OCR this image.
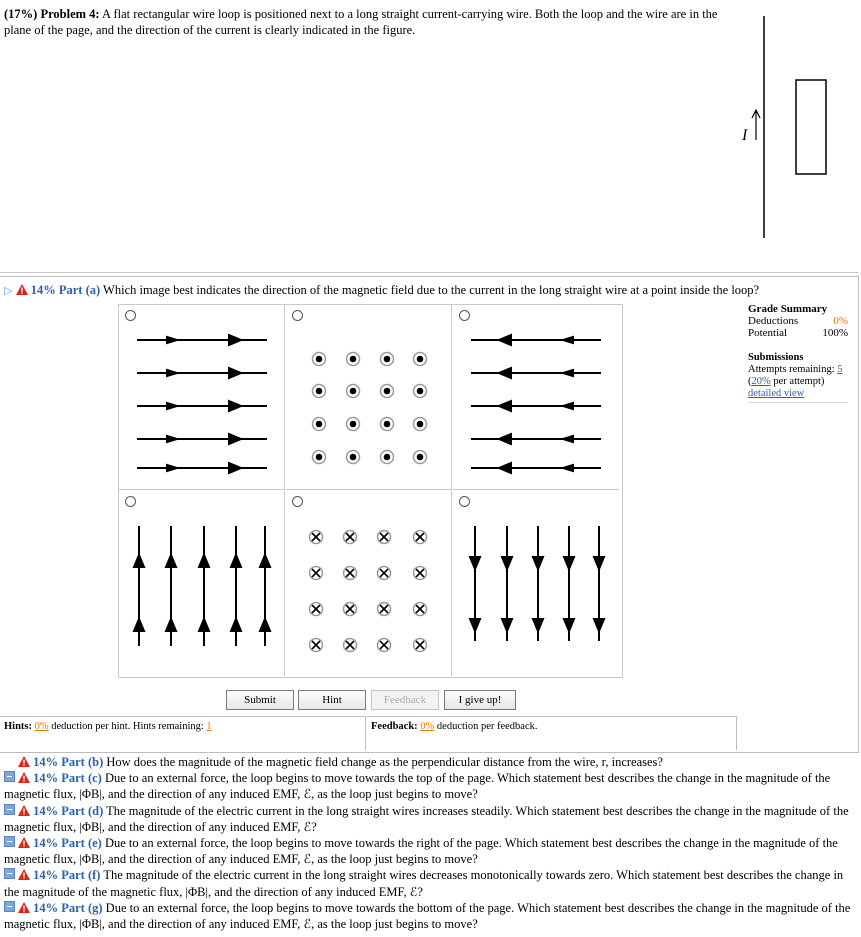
(17%) Problem 4: A flat rectangular wire loop is positioned next to a long straight current-carrying wire. Both the loop and the wire are in the plane of the page, and the direction of the current is clearly indicated in the figure.
I
▷ 14% Part (a) Which image best indicates the direction of the magnetic field due to the current in the long straight wire at a point inside the loop?
Grade Summary
Deductions	0%
Potential	100%
Submissions
Attempts remaining: 5
(20% per attempt)
detailed view
Submit	Hint	Feedback	I give up!
Hints: 0% deduction per hint. Hints remaining: 1	Feedback: 0% deduction per feedback.
14% Part (b) How does the magnitude of the magnetic field change as the perpendicular distance from the wire, r, increases?
14% Part (c) Due to an external force, the loop begins to move towards the top of the page. Which statement best describes the change in the magnitude of the magnetic flux, |ΦB|, and the direction of any induced EMF, ℰ, as the loop just begins to move?
14% Part (d) The magnitude of the electric current in the long straight wires increases steadily. Which statement best describes the change in the magnitude of the magnetic flux, |ΦB|, and the direction of any induced EMF, ℰ?
14% Part (e) Due to an external force, the loop begins to move towards the right of the page. Which statement best describes the change in the magnitude of the magnetic flux, |ΦB|, and the direction of any induced EMF, ℰ, as the loop just begins to move?
14% Part (f) The magnitude of the electric current in the long straight wires decreases monotonically towards zero. Which statement best describes the change in the magnitude of the magnetic flux, |ΦB|, and the direction of any induced EMF, ℰ?
14% Part (g) Due to an external force, the loop begins to move towards the bottom of the page. Which statement best describes the change in the magnitude of the magnetic flux, |ΦB|, and the direction of any induced EMF, ℰ, as the loop just begins to move?
